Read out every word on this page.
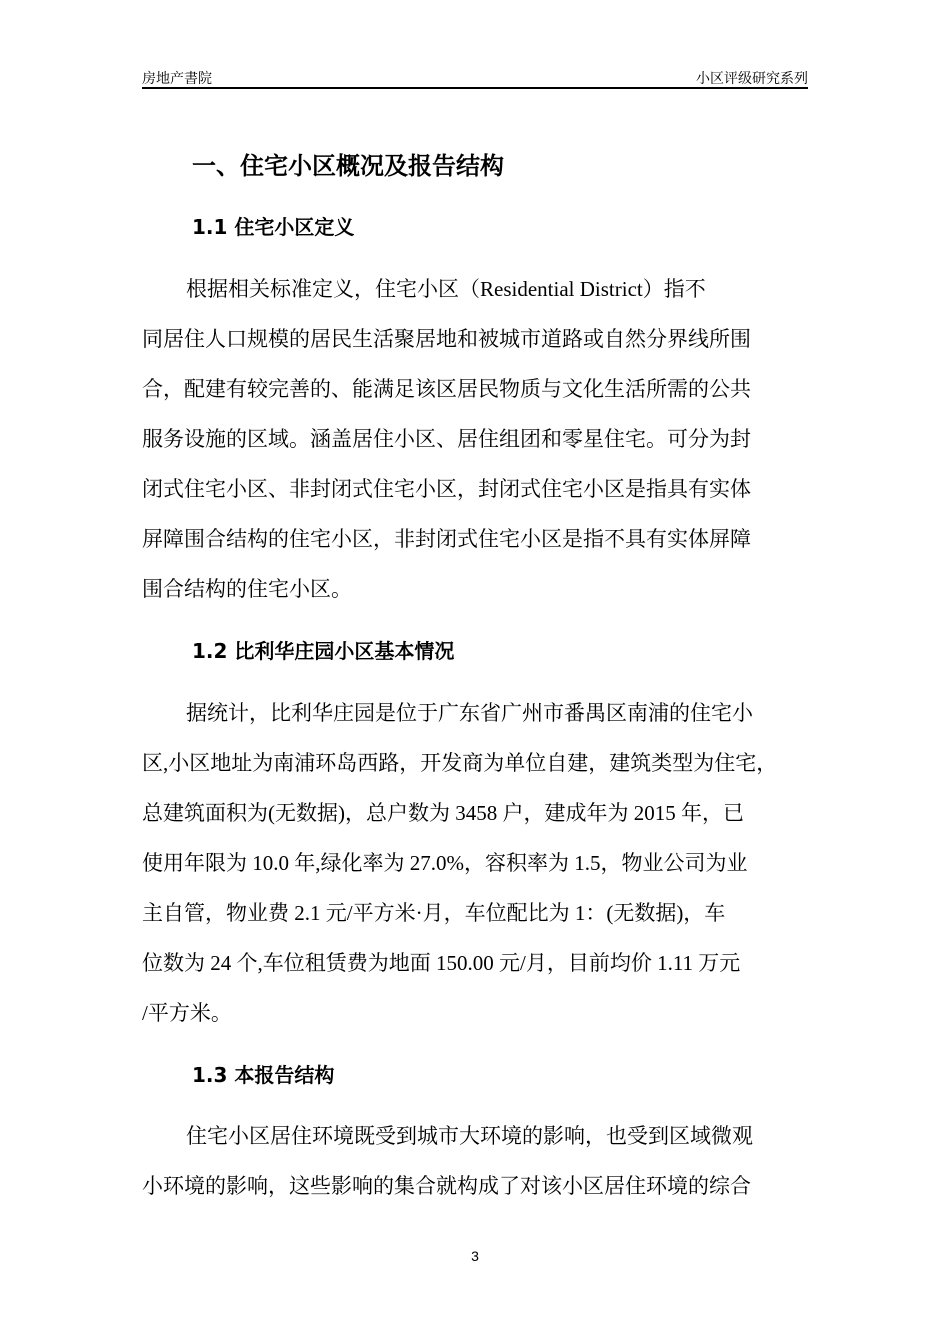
房地产書院	小区评级研究系列
一、住宅小区概况及报告结构
1.1 住宅小区定义
根据相关标准定义，住宅小区（Residential District）指不
同居住人口规模的居民生活聚居地和被城市道路或自然分界线所围
合，配建有较完善的、能满足该区居民物质与文化生活所需的公共
服务设施的区域。涵盖居住小区、居住组团和零星住宅。可分为封
闭式住宅小区、非封闭式住宅小区，封闭式住宅小区是指具有实体
屏障围合结构的住宅小区，非封闭式住宅小区是指不具有实体屏障
围合结构的住宅小区。
1.2 比利华庄园小区基本情况
据统计，比利华庄园是位于广东省广州市番禺区南浦的住宅小
区,小区地址为南浦环岛西路，开发商为单位自建，建筑类型为住宅，
总建筑面积为(无数据)，总户数为 3458 户，建成年为 2015 年，已
使用年限为 10.0 年,绿化率为 27.0%，容积率为 1.5，物业公司为业
主自管，物业费 2.1 元/平方米·月，车位配比为 1：(无数据)，车
位数为 24 个,车位租赁费为地面 150.00 元/月，目前均价 1.11 万元
/平方米。
1.3 本报告结构
住宅小区居住环境既受到城市大环境的影响，也受到区域微观
小环境的影响，这些影响的集合就构成了对该小区居住环境的综合
3
